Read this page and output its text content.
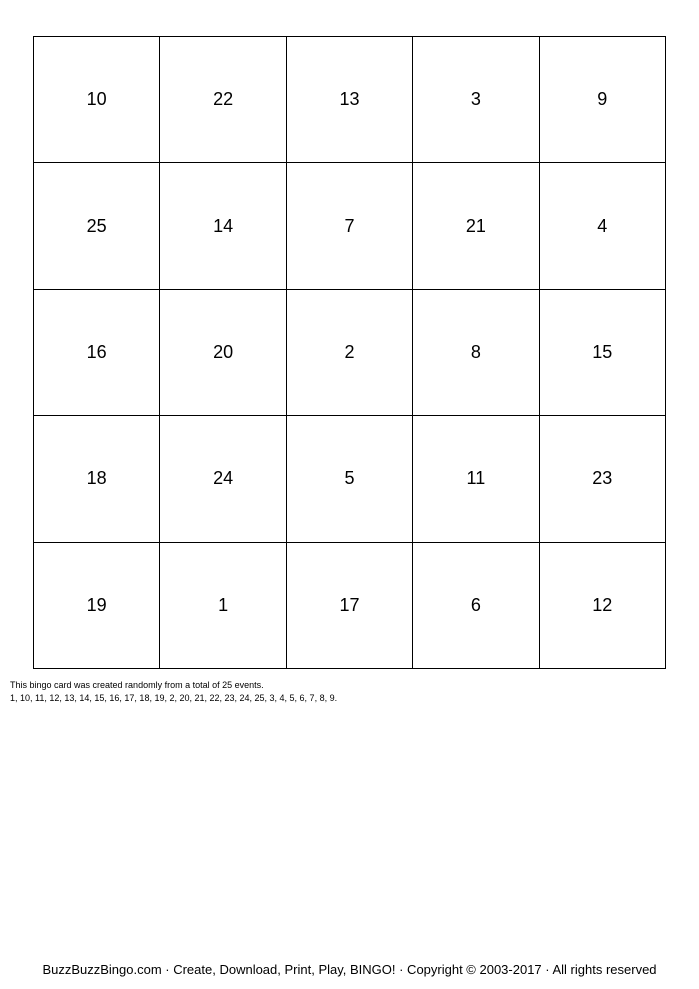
10	22	13	3	9
25	14	7	21	4
16	20	2	8	15
18	24	5	11	23
19	1	17	6	12
This bingo card was created randomly from a total of 25 events.
1, 10, 11, 12, 13, 14, 15, 16, 17, 18, 19, 2, 20, 21, 22, 23, 24, 25, 3, 4, 5, 6, 7, 8, 9.
BuzzBuzzBingo.com · Create, Download, Print, Play, BINGO! · Copyright © 2003-2017 · All rights reserved
